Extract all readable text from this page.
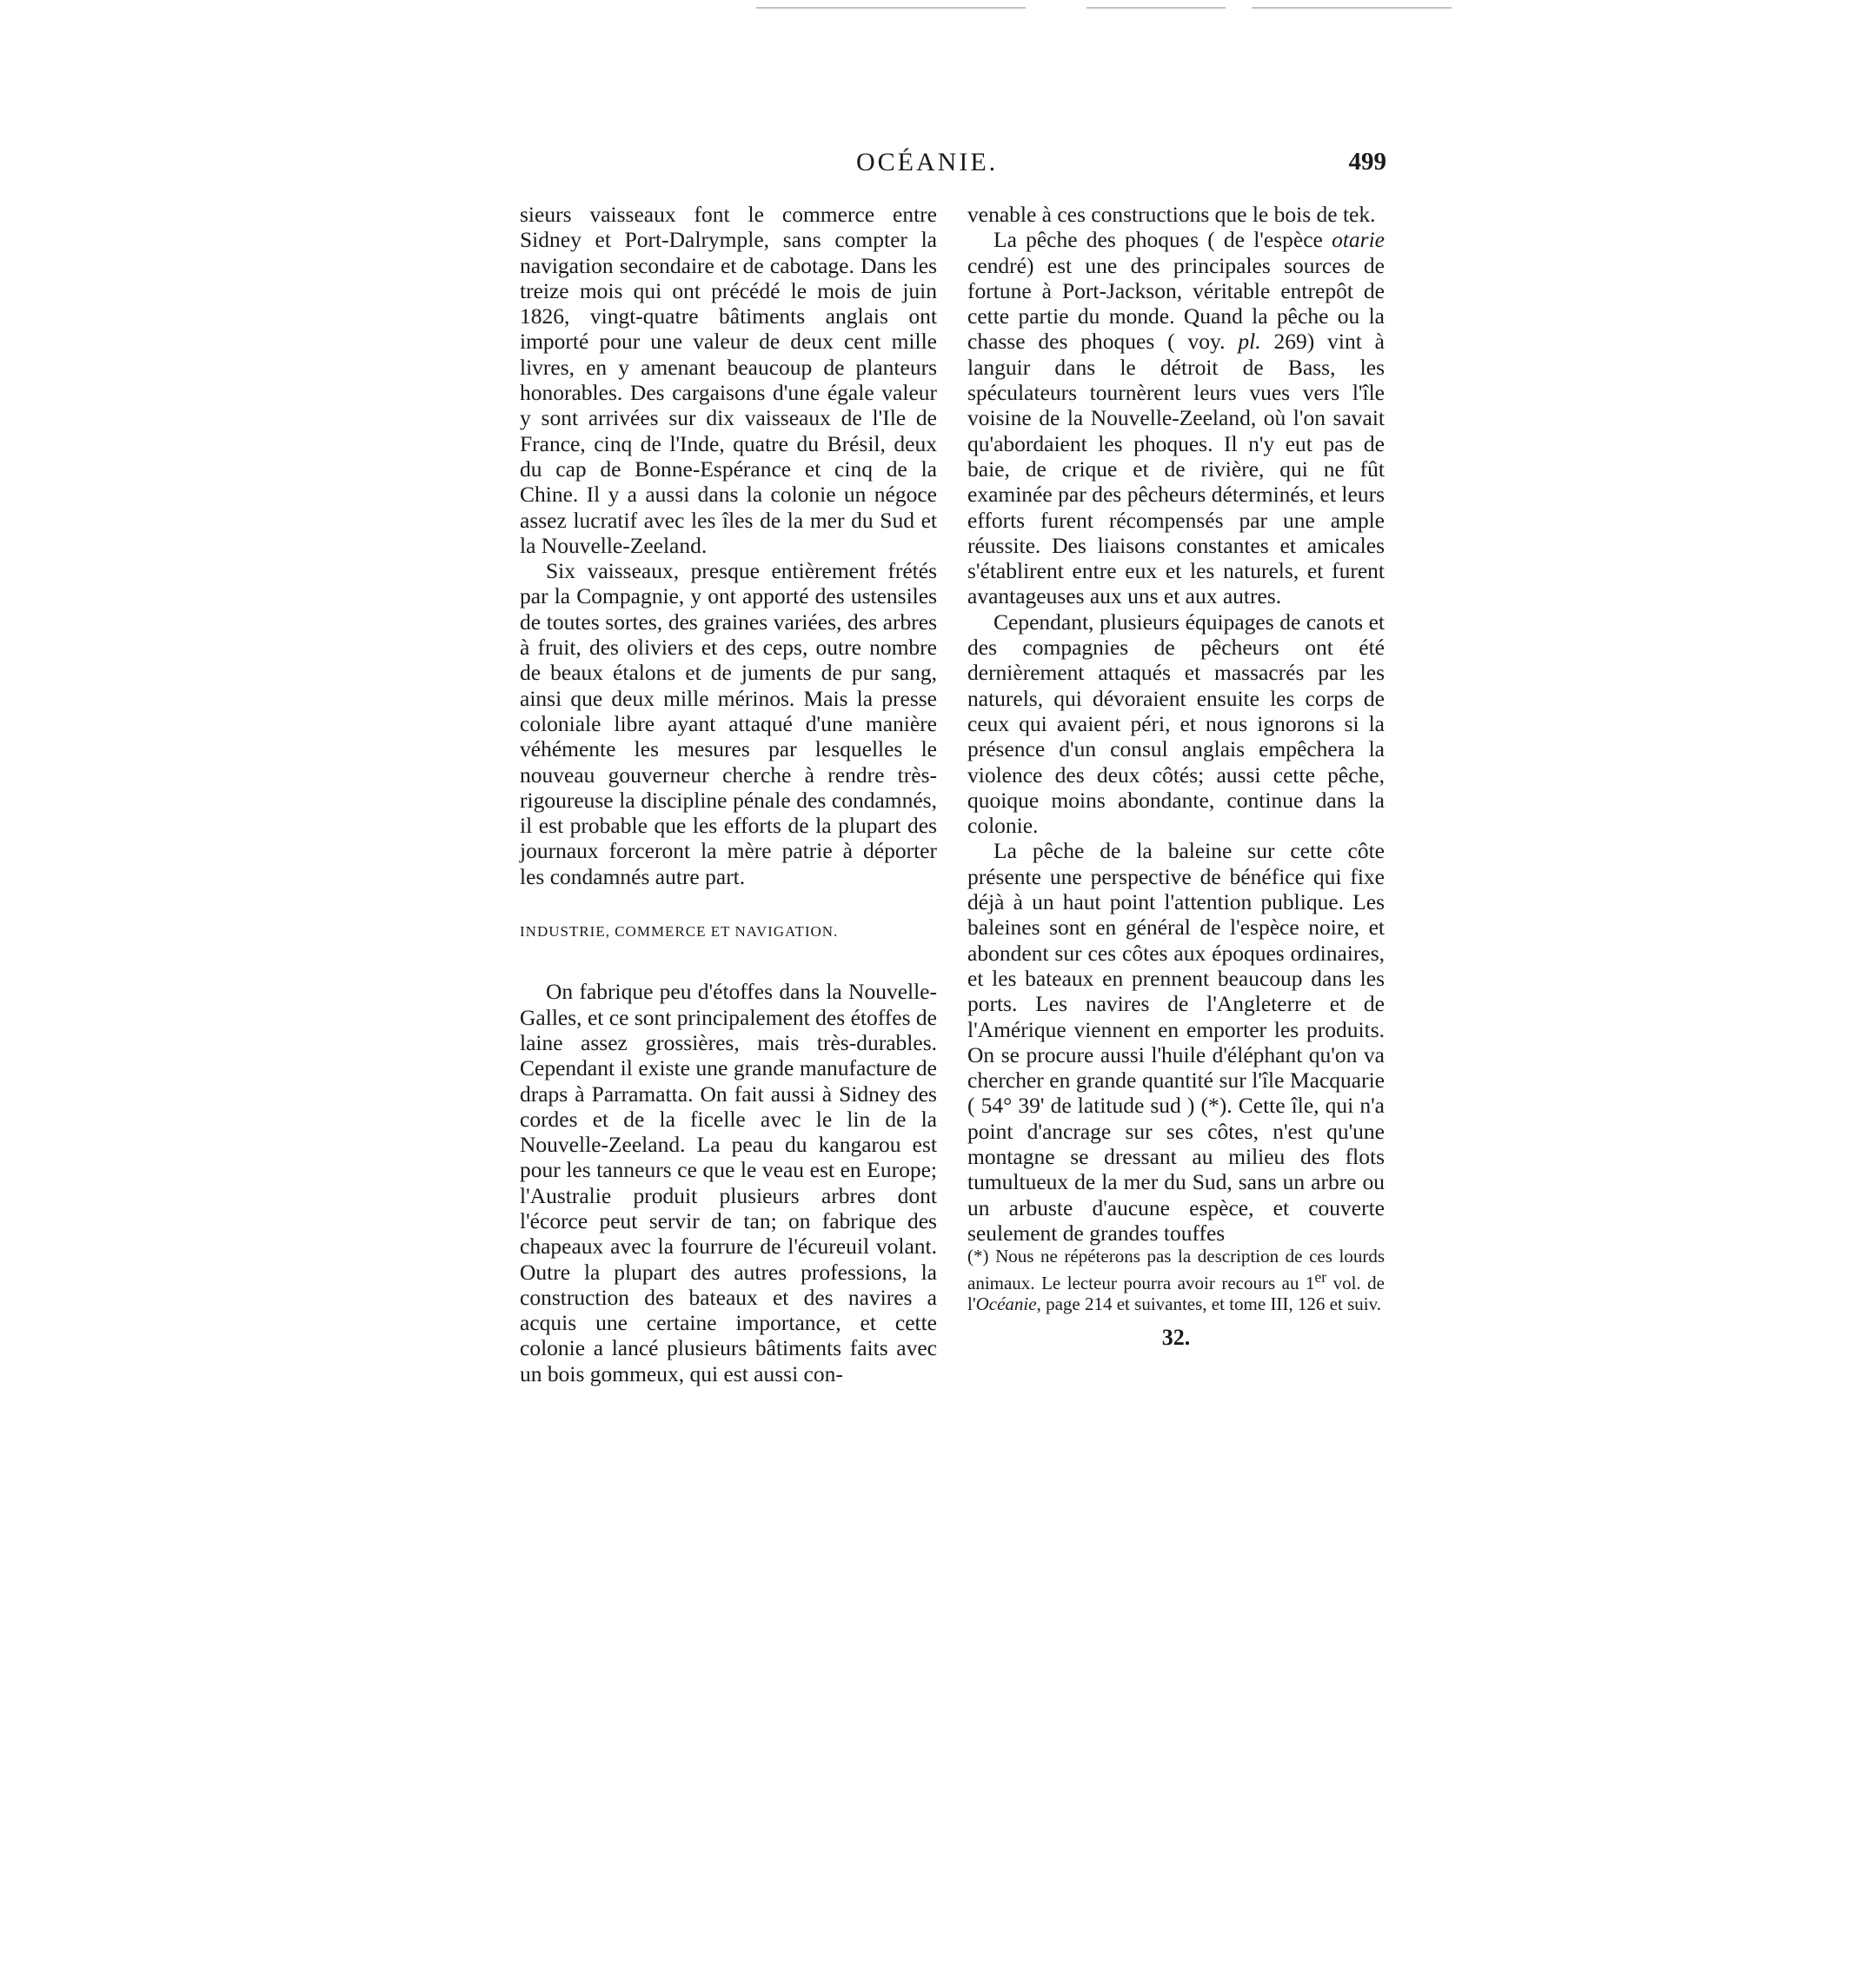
OCÉANIE.	499

sieurs vaisseaux font le commerce entre Sidney et Port-Dalrymple, sans compter la navigation secondaire et de cabotage. Dans les treize mois qui ont précédé le mois de juin 1826, vingt-quatre bâtiments anglais ont importé pour une valeur de deux cent mille livres, en y amenant beaucoup de planteurs honorables. Des cargaisons d'une égale valeur y sont arrivées sur dix vaisseaux de l'Ile de France, cinq de l'Inde, quatre du Brésil, deux du cap de Bonne-Espérance et cinq de la Chine. Il y a aussi dans la colonie un négoce assez lucratif avec les îles de la mer du Sud et la Nouvelle-Zeeland.

Six vaisseaux, presque entièrement frétés par la Compagnie, y ont apporté des ustensiles de toutes sortes, des graines variées, des arbres à fruit, des oliviers et des ceps, outre nombre de beaux étalons et de juments de pur sang, ainsi que deux mille mérinos. Mais la presse coloniale libre ayant attaqué d'une manière véhémente les mesures par lesquelles le nouveau gouverneur cherche à rendre très-rigoureuse la discipline pénale des condamnés, il est probable que les efforts de la plupart des journaux forceront la mère patrie à déporter les condamnés autre part.

INDUSTRIE, COMMERCE ET NAVIGATION.

On fabrique peu d'étoffes dans la Nouvelle-Galles, et ce sont principalement des étoffes de laine assez grossières, mais très-durables. Cependant il existe une grande manufacture de draps à Parramatta. On fait aussi à Sidney des cordes et de la ficelle avec le lin de la Nouvelle-Zeeland. La peau du kangarou est pour les tanneurs ce que le veau est en Europe; l'Australie produit plusieurs arbres dont l'écorce peut servir de tan; on fabrique des chapeaux avec la fourrure de l'écureuil volant. Outre la plupart des autres professions, la construction des bateaux et des navires a acquis une certaine importance, et cette colonie a lancé plusieurs bâtiments faits avec un bois gommeux, qui est aussi con-

venable à ces constructions que le bois de tek.

La pêche des phoques ( de l'espèce otarie cendré) est une des principales sources de fortune à Port-Jackson, véritable entrepôt de cette partie du monde. Quand la pêche ou la chasse des phoques ( voy. pl. 269) vint à languir dans le détroit de Bass, les spéculateurs tournèrent leurs vues vers l'île voisine de la Nouvelle-Zeeland, où l'on savait qu'abordaient les phoques. Il n'y eut pas de baie, de crique et de rivière, qui ne fût examinée par des pêcheurs déterminés, et leurs efforts furent récompensés par une ample réussite. Des liaisons constantes et amicales s'établirent entre eux et les naturels, et furent avantageuses aux uns et aux autres.

Cependant, plusieurs équipages de canots et des compagnies de pêcheurs ont été dernièrement attaqués et massacrés par les naturels, qui dévoraient ensuite les corps de ceux qui avaient péri, et nous ignorons si la présence d'un consul anglais empêchera la violence des deux côtés; aussi cette pêche, quoique moins abondante, continue dans la colonie.

La pêche de la baleine sur cette côte présente une perspective de bénéfice qui fixe déjà à un haut point l'attention publique. Les baleines sont en général de l'espèce noire, et abondent sur ces côtes aux époques ordinaires, et les bateaux en prennent beaucoup dans les ports. Les navires de l'Angleterre et de l'Amérique viennent en emporter les produits. On se procure aussi l'huile d'éléphant qu'on va chercher en grande quantité sur l'île Macquarie ( 54° 39' de latitude sud ) (*). Cette île, qui n'a point d'ancrage sur ses côtes, n'est qu'une montagne se dressant au milieu des flots tumultueux de la mer du Sud, sans un arbre ou un arbuste d'aucune espèce, et couverte seulement de grandes touffes

(*) Nous ne répéterons pas la description de ces lourds animaux. Le lecteur pourra avoir recours au 1er vol. de l'Océanie, page 214 et suivantes, et tome III, 126 et suiv.

32.
